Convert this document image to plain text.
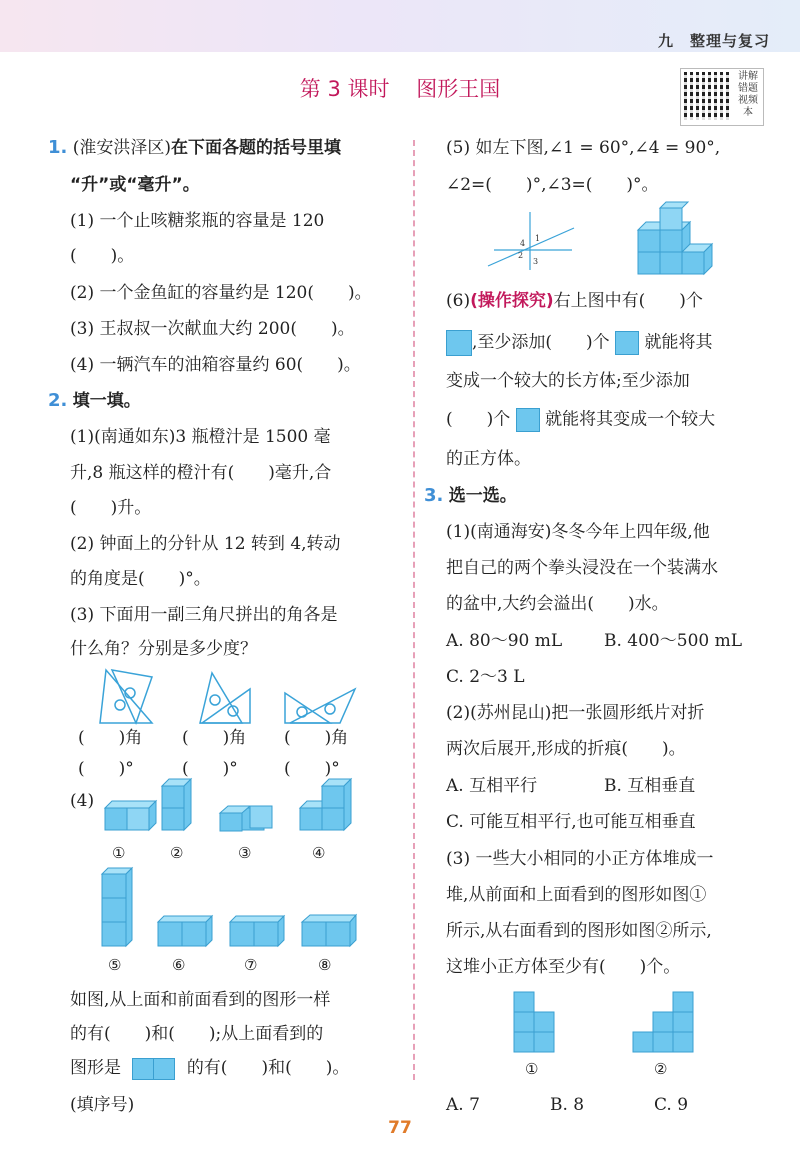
九　整理与复习
第 3 课时 图形王国
讲解错题视频本
1. (淮安洪泽区)在下面各题的括号里填
“升”或“毫升”。
(1) 一个止咳糖浆瓶的容量是 120
(　　)。
(2) 一个金鱼缸的容量约是 120(　　)。
(3) 王叔叔一次献血大约 200(　　)。
(4) 一辆汽车的油箱容量约 60(　　)。
2. 填一填。
(1)(南通如东)3 瓶橙汁是 1500 毫
升,8 瓶这样的橙汁有(　　)毫升,合
(　　)升。
(2) 钟面上的分针从 12 转到 4,转动
的角度是(　　)°。
(3) 下面用一副三角尺拼出的角各是
什么角？分别是多少度？
(　　)角 (　　)角 (　　)角
(　　)°	(　　)°	(　　)°
(4)
①	②	③	④
⑤	⑥	⑦	⑧
如图,从上面和前面看到的图形一样
的有(　　)和(　　);从上面看到的
图形是	的有(　　)和(　　)。
(填序号)
(5) 如左下图,∠1 = 60°,∠4 = 90°,
∠2=(　　)°,∠3=(　　)°。
4
1
2
3
(6)(操作探究)右上图中有(　　)个
,至少添加(　　)个 就能将其
变成一个较大的长方体;至少添加
(　　)个 就能将其变成一个较大
的正方体。
3. 选一选。
(1)(南通海安)冬冬今年上四年级,他
把自己的两个拳头浸没在一个装满水
的盆中,大约会溢出(　　)水。
A. 80～90 mL B. 400～500 mL
C. 2～3 L
(2)(苏州昆山)把一张圆形纸片对折
两次后展开,形成的折痕(　　)。
A. 互相平行	B. 互相垂直
C. 可能互相平行,也可能互相垂直
(3) 一些大小相同的小正方体堆成一
堆,从前面和上面看到的图形如图①
所示,从右面看到的图形如图②所示,
这堆小正方体至少有(　　)个。
①	②
A. 7	B. 8	C. 9
77
